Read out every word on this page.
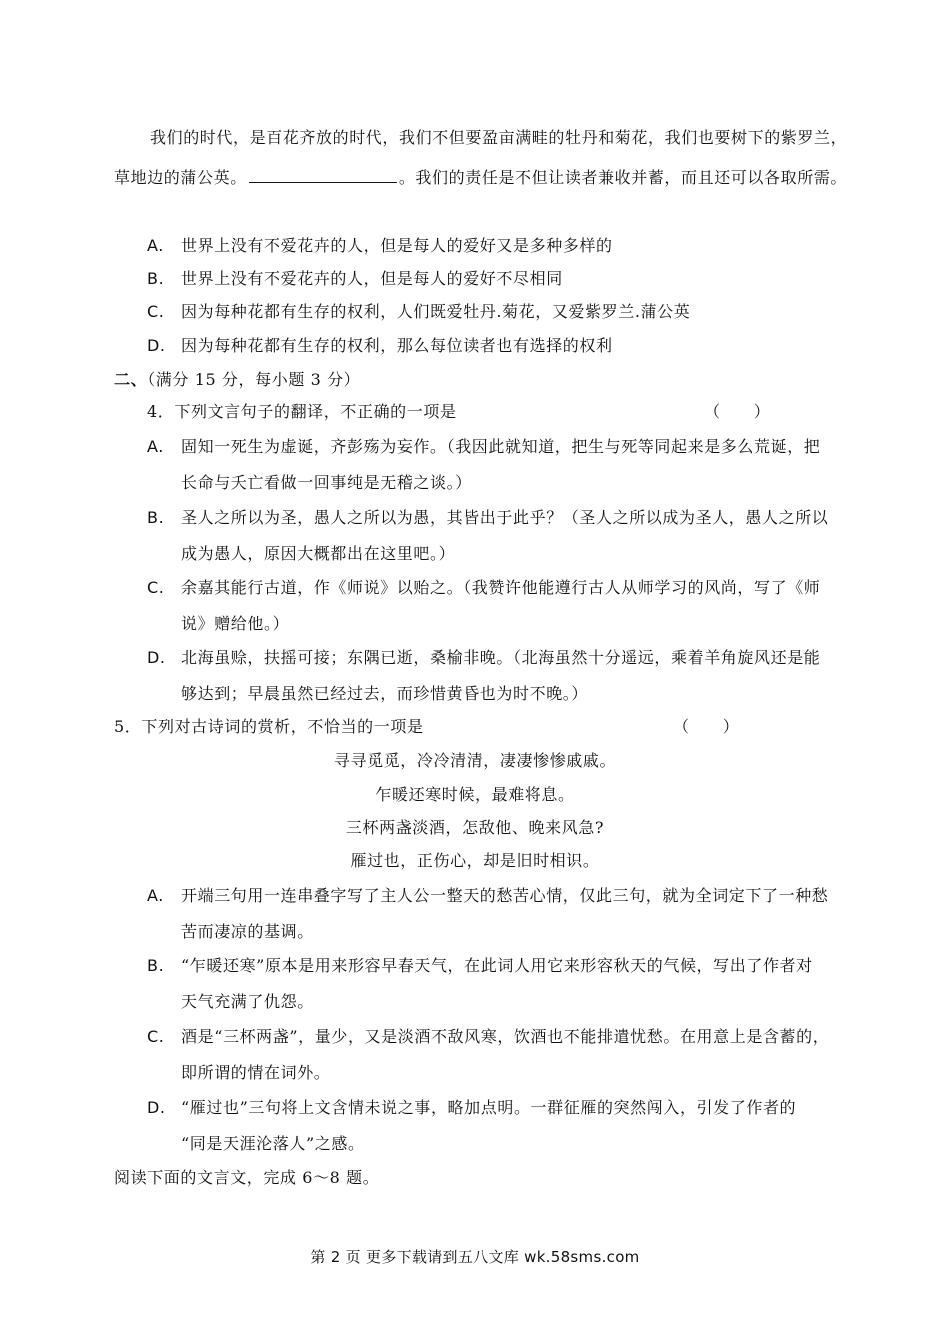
我们的时代，是百花齐放的时代，我们不但要盈亩满畦的牡丹和菊花，我们也要树下的紫罗兰，
草地边的蒲公英。	。我们的责任是不但让读者兼收并蓄，而且还可以各取所需。
A. 世界上没有不爱花卉的人，但是每人的爱好又是多种多样的
B. 世界上没有不爱花卉的人，但是每人的爱好不尽相同
C. 因为每种花都有生存的权利，人们既爱牡丹.菊花，又爱紫罗兰.蒲公英
D. 因为每种花都有生存的权利，那么每位读者也有选择的权利
二、（满分 15 分，每小题 3 分）
4．下列文言句子的翻译，不正确的一项是	（　　）
A. 固知一死生为虚诞，齐彭殇为妄作。（我因此就知道，把生与死等同起来是多么荒诞，把
长命与夭亡看做一回事纯是无稽之谈。）
B. 圣人之所以为圣，愚人之所以为愚，其皆出于此乎？（圣人之所以成为圣人，愚人之所以
成为愚人，原因大概都出在这里吧。）
C. 余嘉其能行古道，作《师说》以贻之。（我赞许他能遵行古人从师学习的风尚，写了《师
说》赠给他。）
D. 北海虽赊，扶摇可接；东隅已逝，桑榆非晚。（北海虽然十分遥远，乘着羊角旋风还是能
够达到；早晨虽然已经过去，而珍惜黄昏也为时不晚。）
5．下列对古诗词的赏析，不恰当的一项是	（　　）
寻寻觅觅，冷冷清清，凄凄惨惨戚戚。
乍暖还寒时候，最难将息。
三杯两盏淡酒，怎敌他、晚来风急?
雁过也，正伤心，却是旧时相识。
A. 开端三句用一连串叠字写了主人公一整天的愁苦心情，仅此三句，就为全词定下了一种愁
苦而凄凉的基调。
B. “乍暖还寒”原本是用来形容早春天气，在此词人用它来形容秋天的气候，写出了作者对
天气充满了仇怨。
C. 酒是“三杯两盏”，量少，又是淡酒不敌风寒，饮酒也不能排遣忧愁。在用意上是含蓄的，
即所谓的情在词外。
D. “雁过也”三句将上文含情未说之事，略加点明。一群征雁的突然闯入，引发了作者的
“同是天涯沦落人”之感。
阅读下面的文言文，完成 6～8 题。
第 2 页 更多下载请到五八文库 wk.58sms.com
